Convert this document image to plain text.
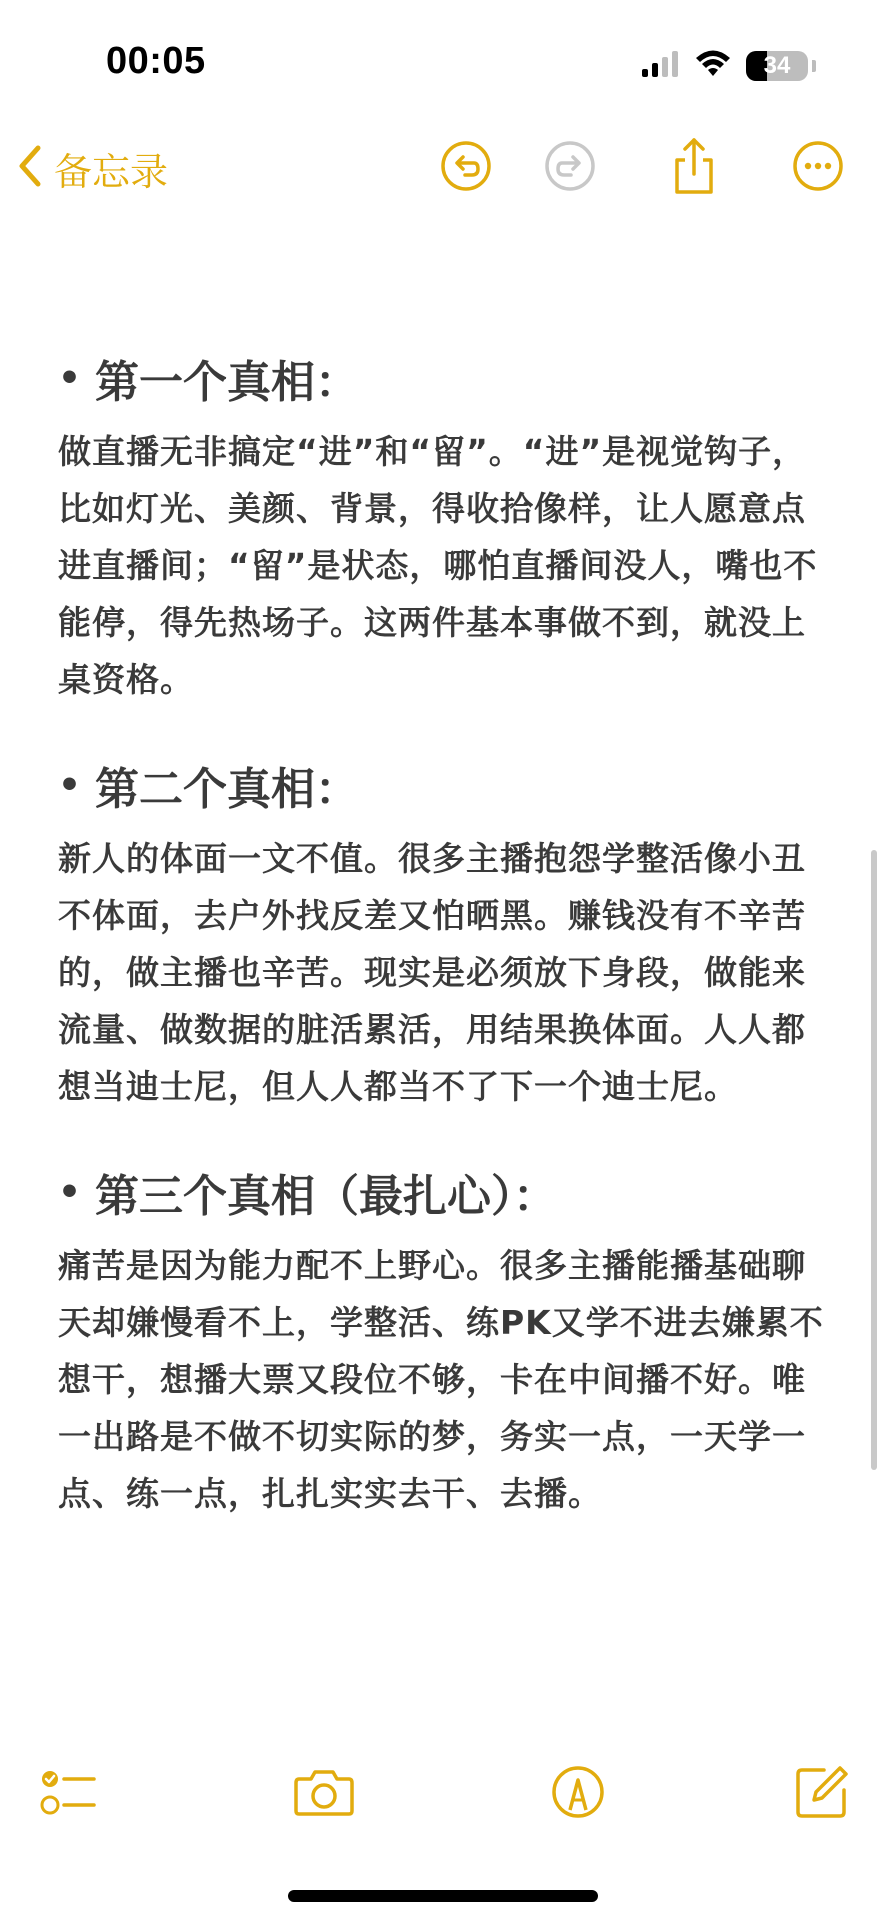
00:05	34
备忘录
• 第一个真相：
做直播无非搞定“进”和“留”。“进”是视觉钩子，比如灯光、美颜、背景，得收拾像样，让人愿意点进直播间；“留”是状态，哪怕直播间没人，嘴也不能停，得先热场子。这两件基本事做不到，就没上桌资格。
• 第二个真相：
新人的体面一文不值。很多主播抱怨学整活像小丑不体面，去户外找反差又怕晒黑。赚钱没有不辛苦的，做主播也辛苦。现实是必须放下身段，做能来流量、做数据的脏活累活，用结果换体面。人人都想当迪士尼，但人人都当不了下一个迪士尼。
• 第三个真相（最扎心）：
痛苦是因为能力配不上野心。很多主播能播基础聊天却嫌慢看不上，学整活、练PK又学不进去嫌累不想干，想播大票又段位不够，卡在中间播不好。唯一出路是不做不切实际的梦，务实一点，一天学一点、练一点，扎扎实实去干、去播。
